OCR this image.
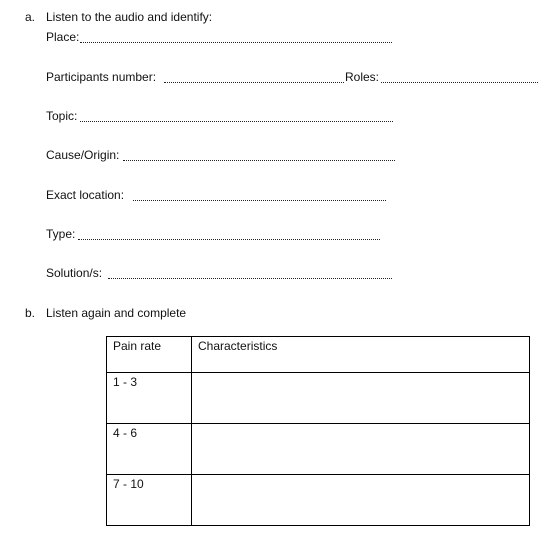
a. Listen to the audio and identify:
Place:
Participants number:	Roles:
Topic:
Cause/Origin:
Exact location:
Type:
Solution/s:
b. Listen again and complete
Pain rate	Characteristics
1 - 3	
4 - 6	
7 - 10	
